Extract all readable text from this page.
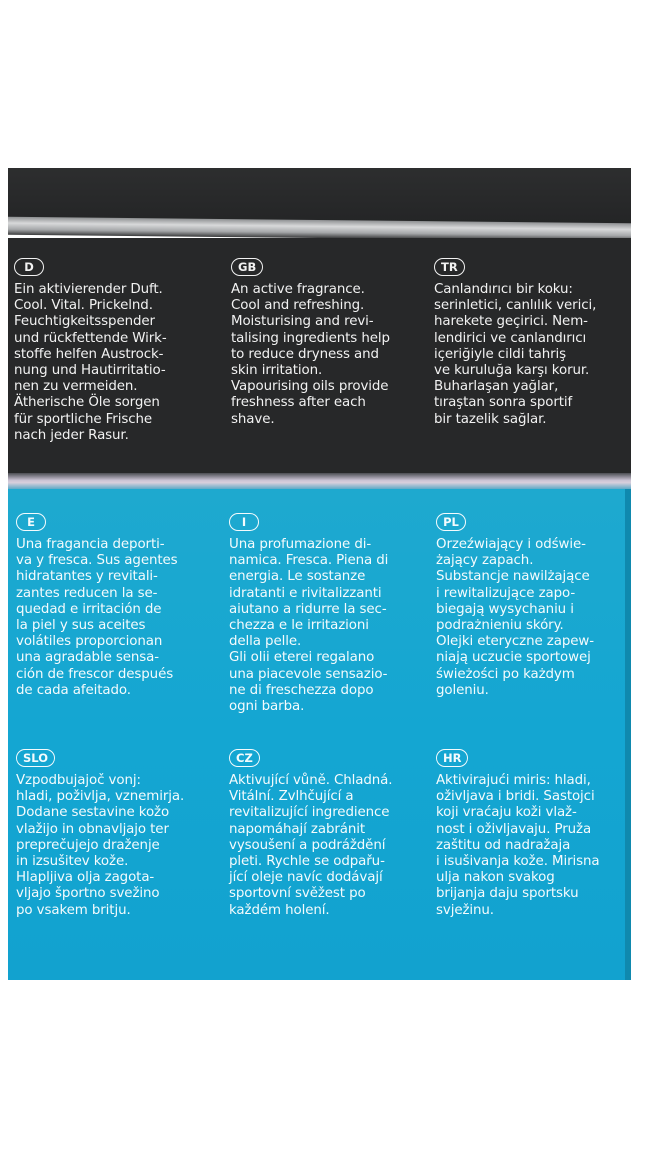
D
Ein aktivierender Duft.
Cool. Vital. Prickelnd.
Feuchtigkeitsspender
und rückfettende Wirk-
stoffe helfen Austrock-
nung und Hautirritatio-
nen zu vermeiden.
Ätherische Öle sorgen
für sportliche Frische
nach jeder Rasur.
GB
An active fragrance.
Cool and refreshing.
Moisturising and revi-
talising ingredients help
to reduce dryness and
skin irritation.
Vapourising oils provide
freshness after each
shave.
TR
Canlandırıcı bir koku:
serinletici, canlılık verici,
harekete geçirici. Nem-
lendirici ve canlandırıcı
içeriğiyle cildi tahriş
ve kuruluğa karşı korur.
Buharlaşan yağlar,
tıraştan sonra sportif
bir tazelik sağlar.
E
Una fragancia deporti-
va y fresca. Sus agentes
hidratantes y revitali-
zantes reducen la se-
quedad e irritación de
la piel y sus aceites
volátiles proporcionan
una agradable sensa-
ción de frescor después
de cada afeitado.
I
Una profumazione di-
namica. Fresca. Piena di
energia. Le sostanze
idratanti e rivitalizzanti
aiutano a ridurre la sec-
chezza e le irritazioni
della pelle.
Gli olii eterei regalano
una piacevole sensazio-
ne di freschezza dopo
ogni barba.
PL
Orzeźwiający i odświe-
żający zapach.
Substancje nawilżające
i rewitalizujące zapo-
biegają wysychaniu i
podrażnieniu skóry.
Olejki eteryczne zapew-
niają uczucie sportowej
świeżości po każdym
goleniu.
SLO
Vzpodbujajoč vonj:
hladi, poživlja, vznemirja.
Dodane sestavine kožo
vlažijo in obnavljajo ter
preprečujejo draženje
in izsušitev kože.
Hlapljiva olja zagota-
vljajo športno svežino
po vsakem britju.
CZ
Aktivující vůně. Chladná.
Vitální. Zvlhčující a
revitalizující ingredience
napomáhají zabránit
vysoušení a podráždění
pleti. Rychle se odpařu-
jící oleje navíc dodávají
sportovní svěžest po
každém holení.
HR
Aktivirajući miris: hladi,
oživljava i bridi. Sastojci
koji vraćaju koži vlaž-
nost i oživljavaju. Pruža
zaštitu od nadražaja
i isušivanja kože. Mirisna
ulja nakon svakog
brijanja daju sportsku
svježinu.
